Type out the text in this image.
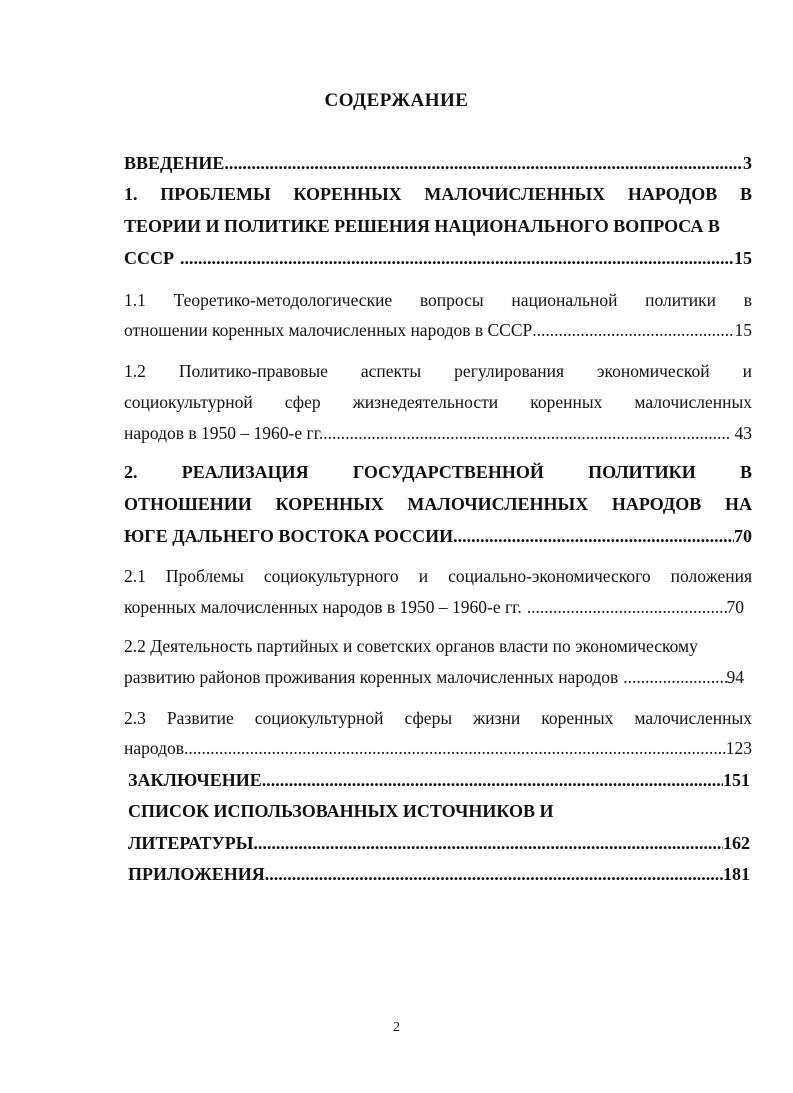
СОДЕРЖАНИЕ
ВВЕДЕНИЕ .....	3
1. ПРОБЛЕМЫ КОРЕННЫХ МАЛОЧИСЛЕННЫХ НАРОДОВ В
ТЕОРИИ И ПОЛИТИКЕ РЕШЕНИЯ НАЦИОНАЛЬНОГО ВОПРОСА В
СССР .....	15
1.1 Теоретико-методологические вопросы национальной политики в
отношении коренных малочисленных народов в СССР .....	15
1.2 Политико-правовые аспекты регулирования экономической и
социокультурной сфер жизнедеятельности коренных малочисленных
народов в 1950 – 1960-е гг. .....	43
2. РЕАЛИЗАЦИЯ ГОСУДАРСТВЕННОЙ ПОЛИТИКИ В
ОТНОШЕНИИ КОРЕННЫХ МАЛОЧИСЛЕННЫХ НАРОДОВ НА
ЮГЕ ДАЛЬНЕГО ВОСТОКА РОССИИ .....	70
2.1 Проблемы социокультурного и социально-экономического положения
коренных малочисленных народов в 1950 – 1960-е гг. .....	70
2.2 Деятельность партийных и советских органов власти по экономическому
развитию районов проживания коренных малочисленных народов .....	94
2.3 Развитие социокультурной сферы жизни коренных малочисленных
народов .....	123
ЗАКЛЮЧЕНИЕ .....	151
СПИСОК ИСПОЛЬЗОВАННЫХ ИСТОЧНИКОВ И
ЛИТЕРАТУРЫ .....	162
ПРИЛОЖЕНИЯ .....	181
2
